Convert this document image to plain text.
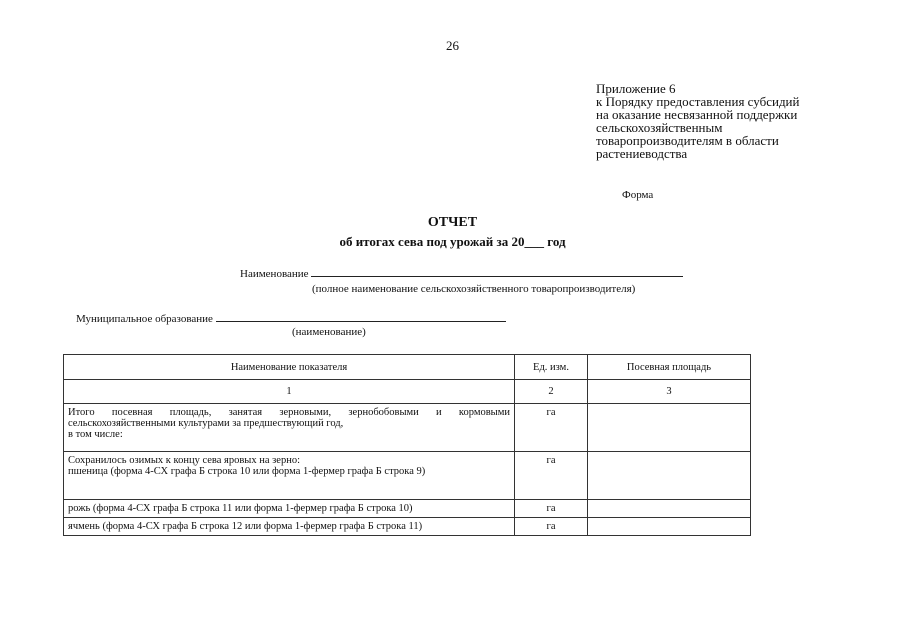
26
Приложение 6
к Порядку предоставления субсидий
на оказание несвязанной поддержки
сельскохозяйственным
товаропроизводителям в области
растениеводства
Форма
ОТЧЕТ
об итогах сева под урожай за 20___ год
Наименование
(полное наименование сельскохозяйственного товаропроизводителя)
Муниципальное образование
(наименование)
Наименование показателя	Ед. изм.	Посевная площадь
1	2	3

Итого посевная площадь, занятая зерновыми, зернобобовыми и кормовыми сельскохозяйственными культурами за предшествующий год,
в том числе:	га	

Сохранилось озимых к концу сева яровых на зерно:
пшеница (форма 4-СХ графа Б строка 10 или форма 1-фермер графа Б строка 9)	га	

рожь (форма 4-СХ графа Б строка 11 или форма 1-фермер графа Б строка 10)	га	

ячмень (форма 4-СХ графа Б строка 12 или форма 1-фермер графа Б строка 11)	га	
